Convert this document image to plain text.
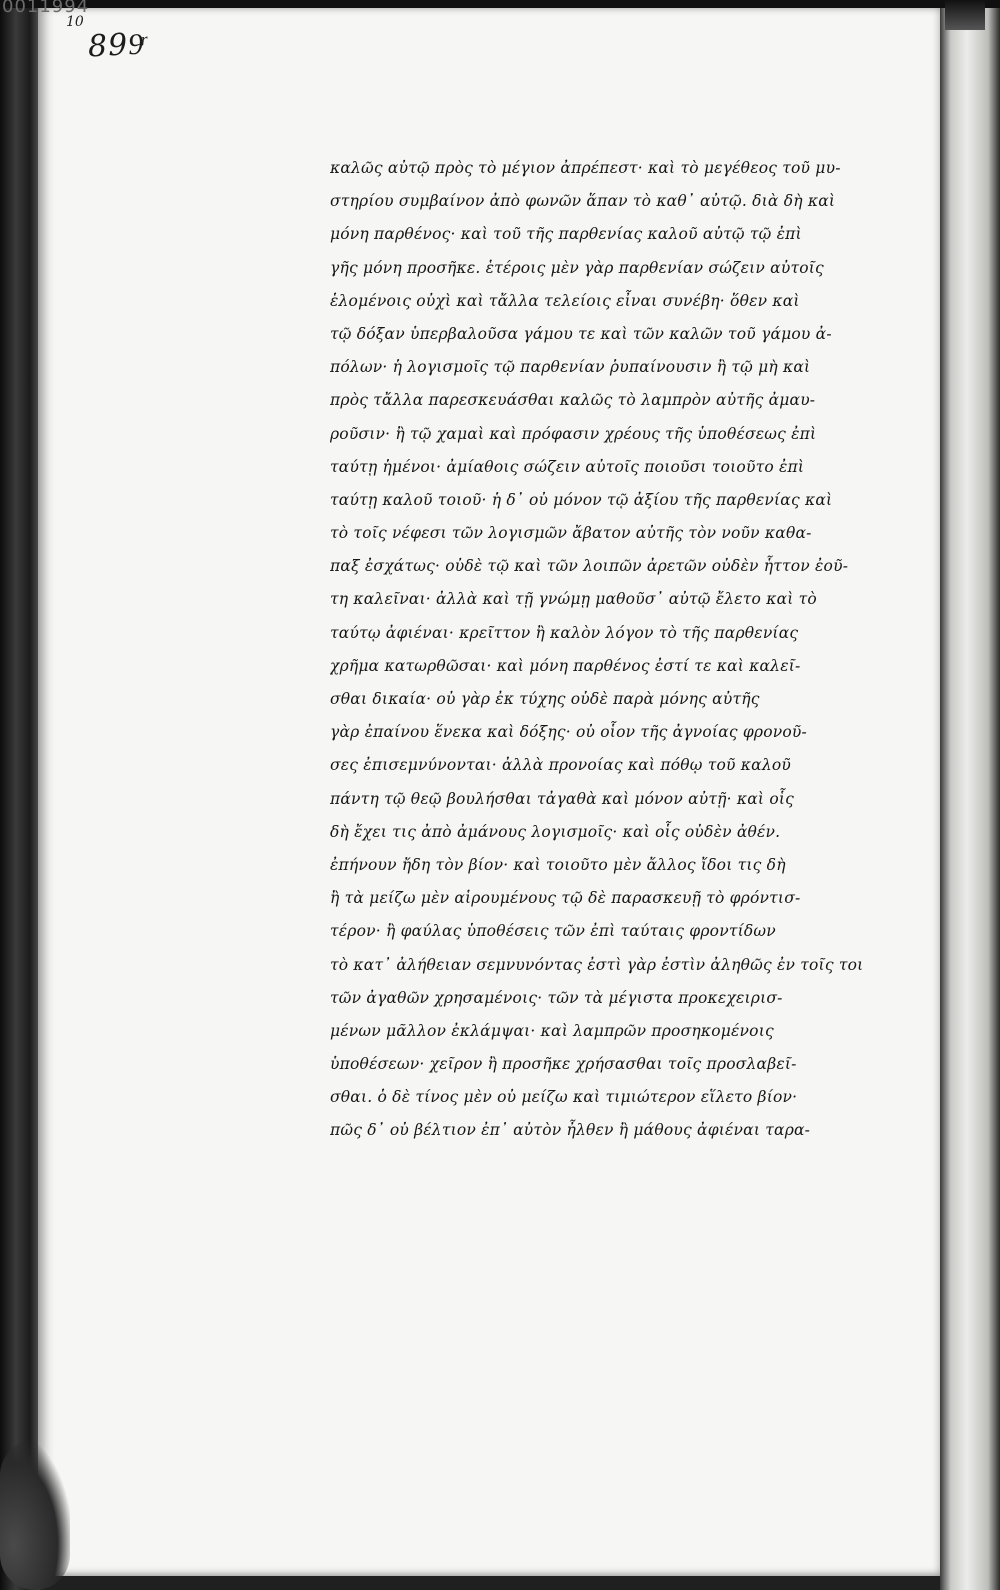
0011994
10
899ͬ
καλῶς αὐτῷ πρὸς τὸ μέγιον ἀπρέπεστ· καὶ τὸ μεγέθεος τοῦ μυ-
στηρίου συμβαίνον ἀπὸ φωνῶν ἅπαν τὸ καθ᾽ αὐτῷ. διὰ δὴ καὶ
μόνη παρθένος· καὶ τοῦ τῆς παρθενίας καλοῦ αὐτῷ τῷ ἐπὶ
γῆς μόνη προσῆκε. ἑτέροις μὲν γὰρ παρθενίαν σώζειν αὐτοῖς
ἑλομένοις οὐχὶ καὶ τἄλλα τελείοις εἶναι συνέβη· ὅθεν καὶ
τῷ δόξαν ὑπερβαλοῦσα γάμου τε καὶ τῶν καλῶν τοῦ γάμου ἀ-
πόλων· ἡ λογισμοῖς τῷ παρθενίαν ῥυπαίνουσιν ἢ τῷ μὴ καὶ
πρὸς τἄλλα παρεσκευάσθαι καλῶς τὸ λαμπρὸν αὐτῆς ἀμαυ-
ροῦσιν· ἢ τῷ χαμαὶ καὶ πρόφασιν χρέους τῆς ὑποθέσεως ἐπὶ
ταύτῃ ἡμένοι· ἀμίαθοις σώζειν αὐτοῖς ποιοῦσι τοιοῦτο ἐπὶ
ταύτῃ καλοῦ τοιοῦ· ἡ δ᾽ οὐ μόνον τῷ ἀξίου τῆς παρθενίας καὶ
τὸ τοῖς νέφεσι τῶν λογισμῶν ἄβατον αὐτῆς τὸν νοῦν καθα-
παξ ἐσχάτως· οὐδὲ τῷ καὶ τῶν λοιπῶν ἀρετῶν οὐδὲν ἧττον ἐοῦ-
τη καλεῖναι· ἀλλὰ καὶ τῇ γνώμῃ μαθοῦσ᾽ αὐτῷ ἔλετο καὶ τὸ
ταύτῳ ἀφιέναι· κρεῖττον ἢ καλὸν λόγον τὸ τῆς παρθενίας
χρῆμα κατωρθῶσαι· καὶ μόνη παρθένος ἐστί τε καὶ καλεῖ-
σθαι δικαία· οὐ γὰρ ἐκ τύχης οὐδὲ παρὰ μόνης αὐτῆς
γὰρ ἐπαίνου ἕνεκα καὶ δόξης· οὐ οἷον τῆς ἀγνοίας φρονοῦ-
σες ἐπισεμνύνονται· ἀλλὰ προνοίας καὶ πόθῳ τοῦ καλοῦ
πάντη τῷ θεῷ βουλήσθαι τἀγαθὰ καὶ μόνον αὐτῇ· καὶ οἷς
δὴ ἔχει τις ἀπὸ ἀμάνους λογισμοῖς· καὶ οἷς οὐδὲν ἀθέν.
ἐπήνουν ἤδη τὸν βίον· καὶ τοιοῦτο μὲν ἄλλος ἴδοι τις δὴ
ἢ τὰ μείζω μὲν αἱρουμένους τῷ δὲ παρασκευῇ τὸ φρόντισ-
τέρον· ἢ φαύλας ὑποθέσεις τῶν ἐπὶ ταύταις φροντίδων
τὸ κατ᾽ ἀλήθειαν σεμνυνόντας ἐστὶ γὰρ ἐστὶν ἀληθῶς ἐν τοῖς τοι
τῶν ἀγαθῶν χρησαμένοις· τῶν τὰ μέγιστα προκεχειρισ-
μένων μᾶλλον ἐκλάμψαι· καὶ λαμπρῶν προσηκομένοις
ὑποθέσεων· χεῖρον ἢ προσῆκε χρήσασθαι τοῖς προσλαβεῖ-
σθαι. ὁ δὲ τίνος μὲν οὐ μείζω καὶ τιμιώτερον εἵλετο βίον·
πῶς δ᾽ οὐ βέλτιον ἐπ᾽ αὐτὸν ἦλθεν ἢ μάθους ἀφιέναι ταρα-
